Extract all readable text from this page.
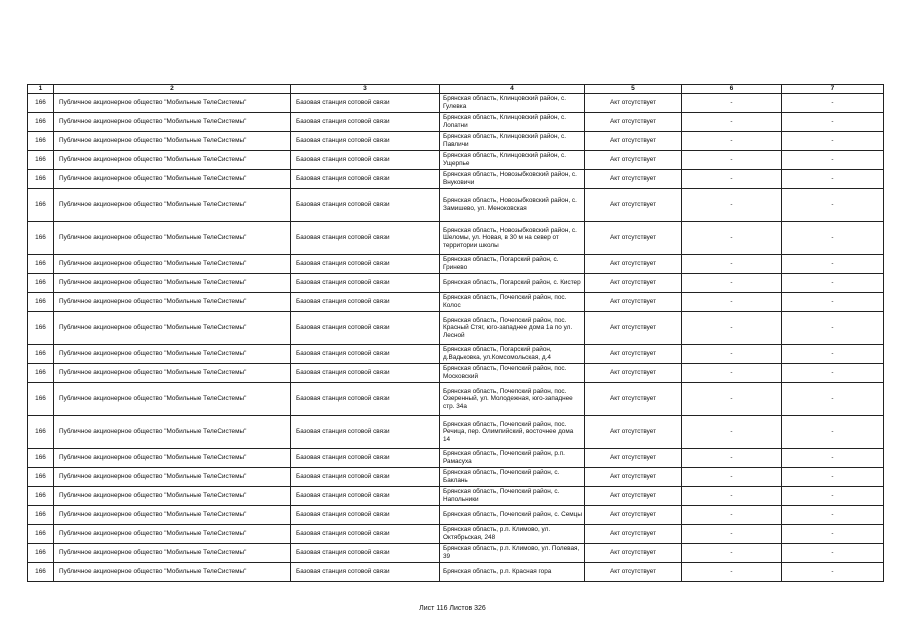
1	2	3	4	5	6	7
166	Публичное акционерное общество "Мобильные ТелеСистемы"	Базовая станция сотовой связи	Брянская область, Клинцовский район, с. Гулевка	Акт отсутствует	-	-
166	Публичное акционерное общество "Мобильные ТелеСистемы"	Базовая станция сотовой связи	Брянская область, Клинцовский район, с. Лопатни	Акт отсутствует	-	-
166	Публичное акционерное общество "Мобильные ТелеСистемы"	Базовая станция сотовой связи	Брянская область, Клинцовский район, с. Павличи	Акт отсутствует	-	-
166	Публичное акционерное общество "Мобильные ТелеСистемы"	Базовая станция сотовой связи	Брянская область, Клинцовский район, с. Ущерпье	Акт отсутствует	-	-
166	Публичное акционерное общество "Мобильные ТелеСистемы"	Базовая станция сотовой связи	Брянская область, Новозыбковский район, с. Внуковичи	Акт отсутствует	-	-
166	Публичное акционерное общество "Мобильные ТелеСистемы"	Базовая станция сотовой связи	Брянская область, Новозыбковский район, с. Замишево, ул. Меноковская	Акт отсутствует	-	-
166	Публичное акционерное общество "Мобильные ТелеСистемы"	Базовая станция сотовой связи	Брянская область, Новозыбковский район, с. Шеломы, ул. Новая, в 30 м на север от территории школы	Акт отсутствует	-	-
166	Публичное акционерное общество "Мобильные ТелеСистемы"	Базовая станция сотовой связи	Брянская область, Погарский район, с. Гринево	Акт отсутствует	-	-
166	Публичное акционерное общество "Мобильные ТелеСистемы"	Базовая станция сотовой связи	Брянская область, Погарский район, с. Кистер	Акт отсутствует	-	-
166	Публичное акционерное общество "Мобильные ТелеСистемы"	Базовая станция сотовой связи	Брянская область, Почепский район, пос. Колос	Акт отсутствует	-	-
166	Публичное акционерное общество "Мобильные ТелеСистемы"	Базовая станция сотовой связи	Брянская область, Почепский район, пос. Красный Стяг, юго-западнее дома 1а по ул. Лесной	Акт отсутствует	-	-
166	Публичное акционерное общество "Мобильные ТелеСистемы"	Базовая станция сотовой связи	Брянская область, Погарский район, д.Вадьковка, ул.Комсомольская, д.4	Акт отсутствует	-	-
166	Публичное акционерное общество "Мобильные ТелеСистемы"	Базовая станция сотовой связи	Брянская область, Почепский район, пос. Московский	Акт отсутствует	-	-
166	Публичное акционерное общество "Мобильные ТелеСистемы"	Базовая станция сотовой связи	Брянская область, Почепский район, пос. Озеренный, ул. Молодежная, юго-западнее стр. 34а	Акт отсутствует	-	-
166	Публичное акционерное общество "Мобильные ТелеСистемы"	Базовая станция сотовой связи	Брянская область, Почепский район, пос. Речица, пер. Олимпийский, восточнее дома 14	Акт отсутствует	-	-
166	Публичное акционерное общество "Мобильные ТелеСистемы"	Базовая станция сотовой связи	Брянская область, Почепский район, р.п. Рамасуха	Акт отсутствует	-	-
166	Публичное акционерное общество "Мобильные ТелеСистемы"	Базовая станция сотовой связи	Брянская область, Почепский район, с. Баклань	Акт отсутствует	-	-
166	Публичное акционерное общество "Мобильные ТелеСистемы"	Базовая станция сотовой связи	Брянская область, Почепский район, с. Напольники	Акт отсутствует	-	-
166	Публичное акционерное общество "Мобильные ТелеСистемы"	Базовая станция сотовой связи	Брянская область, Почепский район, с. Семцы	Акт отсутствует	-	-
166	Публичное акционерное общество "Мобильные ТелеСистемы"	Базовая станция сотовой связи	Брянская область, р.п. Климово, ул. Октябрьская, 248	Акт отсутствует	-	-
166	Публичное акционерное общество "Мобильные ТелеСистемы"	Базовая станция сотовой связи	Брянская область, р.п. Климово, ул. Полевая, 39	Акт отсутствует	-	-
166	Публичное акционерное общество "Мобильные ТелеСистемы"	Базовая станция сотовой связи	Брянская область, р.п. Красная гора	Акт отсутствует	-	-
Лист 116 Листов 326
